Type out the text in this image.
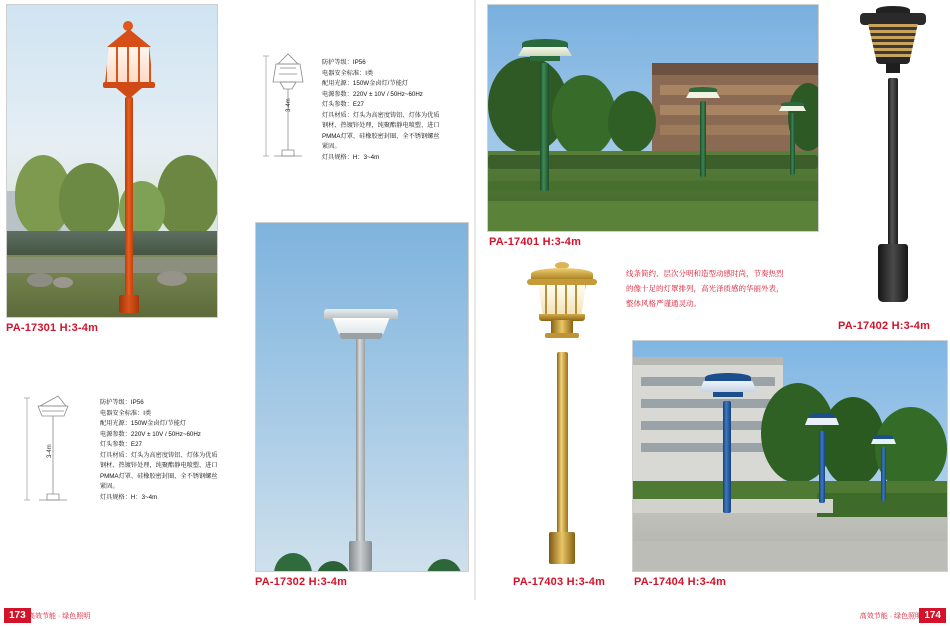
PA-17301 H:3-4m
3-4m
防护等级：IP56
电器安全标准：I类
配用光源：150W金卤灯/节能灯
电源参数：220V ± 10V / 50Hz~60Hz
灯头参数：E27
灯具材质：灯头为高密度铸铝、灯体为优质
钢材、热镀锌处理，纯聚酯静电喷塑、进口
PMMA灯罩、硅橡胶密封圈、全不锈钢螺丝
紧固。
灯具规格：H：3~4m
3-4m
防护等级：IP56
电器安全标准：I类
配用光源：150W金卤灯/节能灯
电源参数：220V ± 10V / 50Hz~60Hz
灯头参数：E27
灯具材质：灯头为高密度铸铝、灯体为优质
钢材、热镀锌处理，纯聚酯静电喷塑、进口
PMMA灯罩、硅橡胶密封圈、全不锈钢螺丝
紧固。
灯具规格：H：3~4m
PA-17302 H:3-4m
PA-17401 H:3-4m
PA-17402 H:3-4m
线条简约、层次分明和造型动感时尚，节奏热烈
的像十足的灯罩排列，高光泽质感的华丽外表，
整体风格严谨通灵动。
PA-17403 H:3-4m	PA-17404 H:3-4m
173 高效节能 · 绿色照明	174
高效节能 · 绿色照明
